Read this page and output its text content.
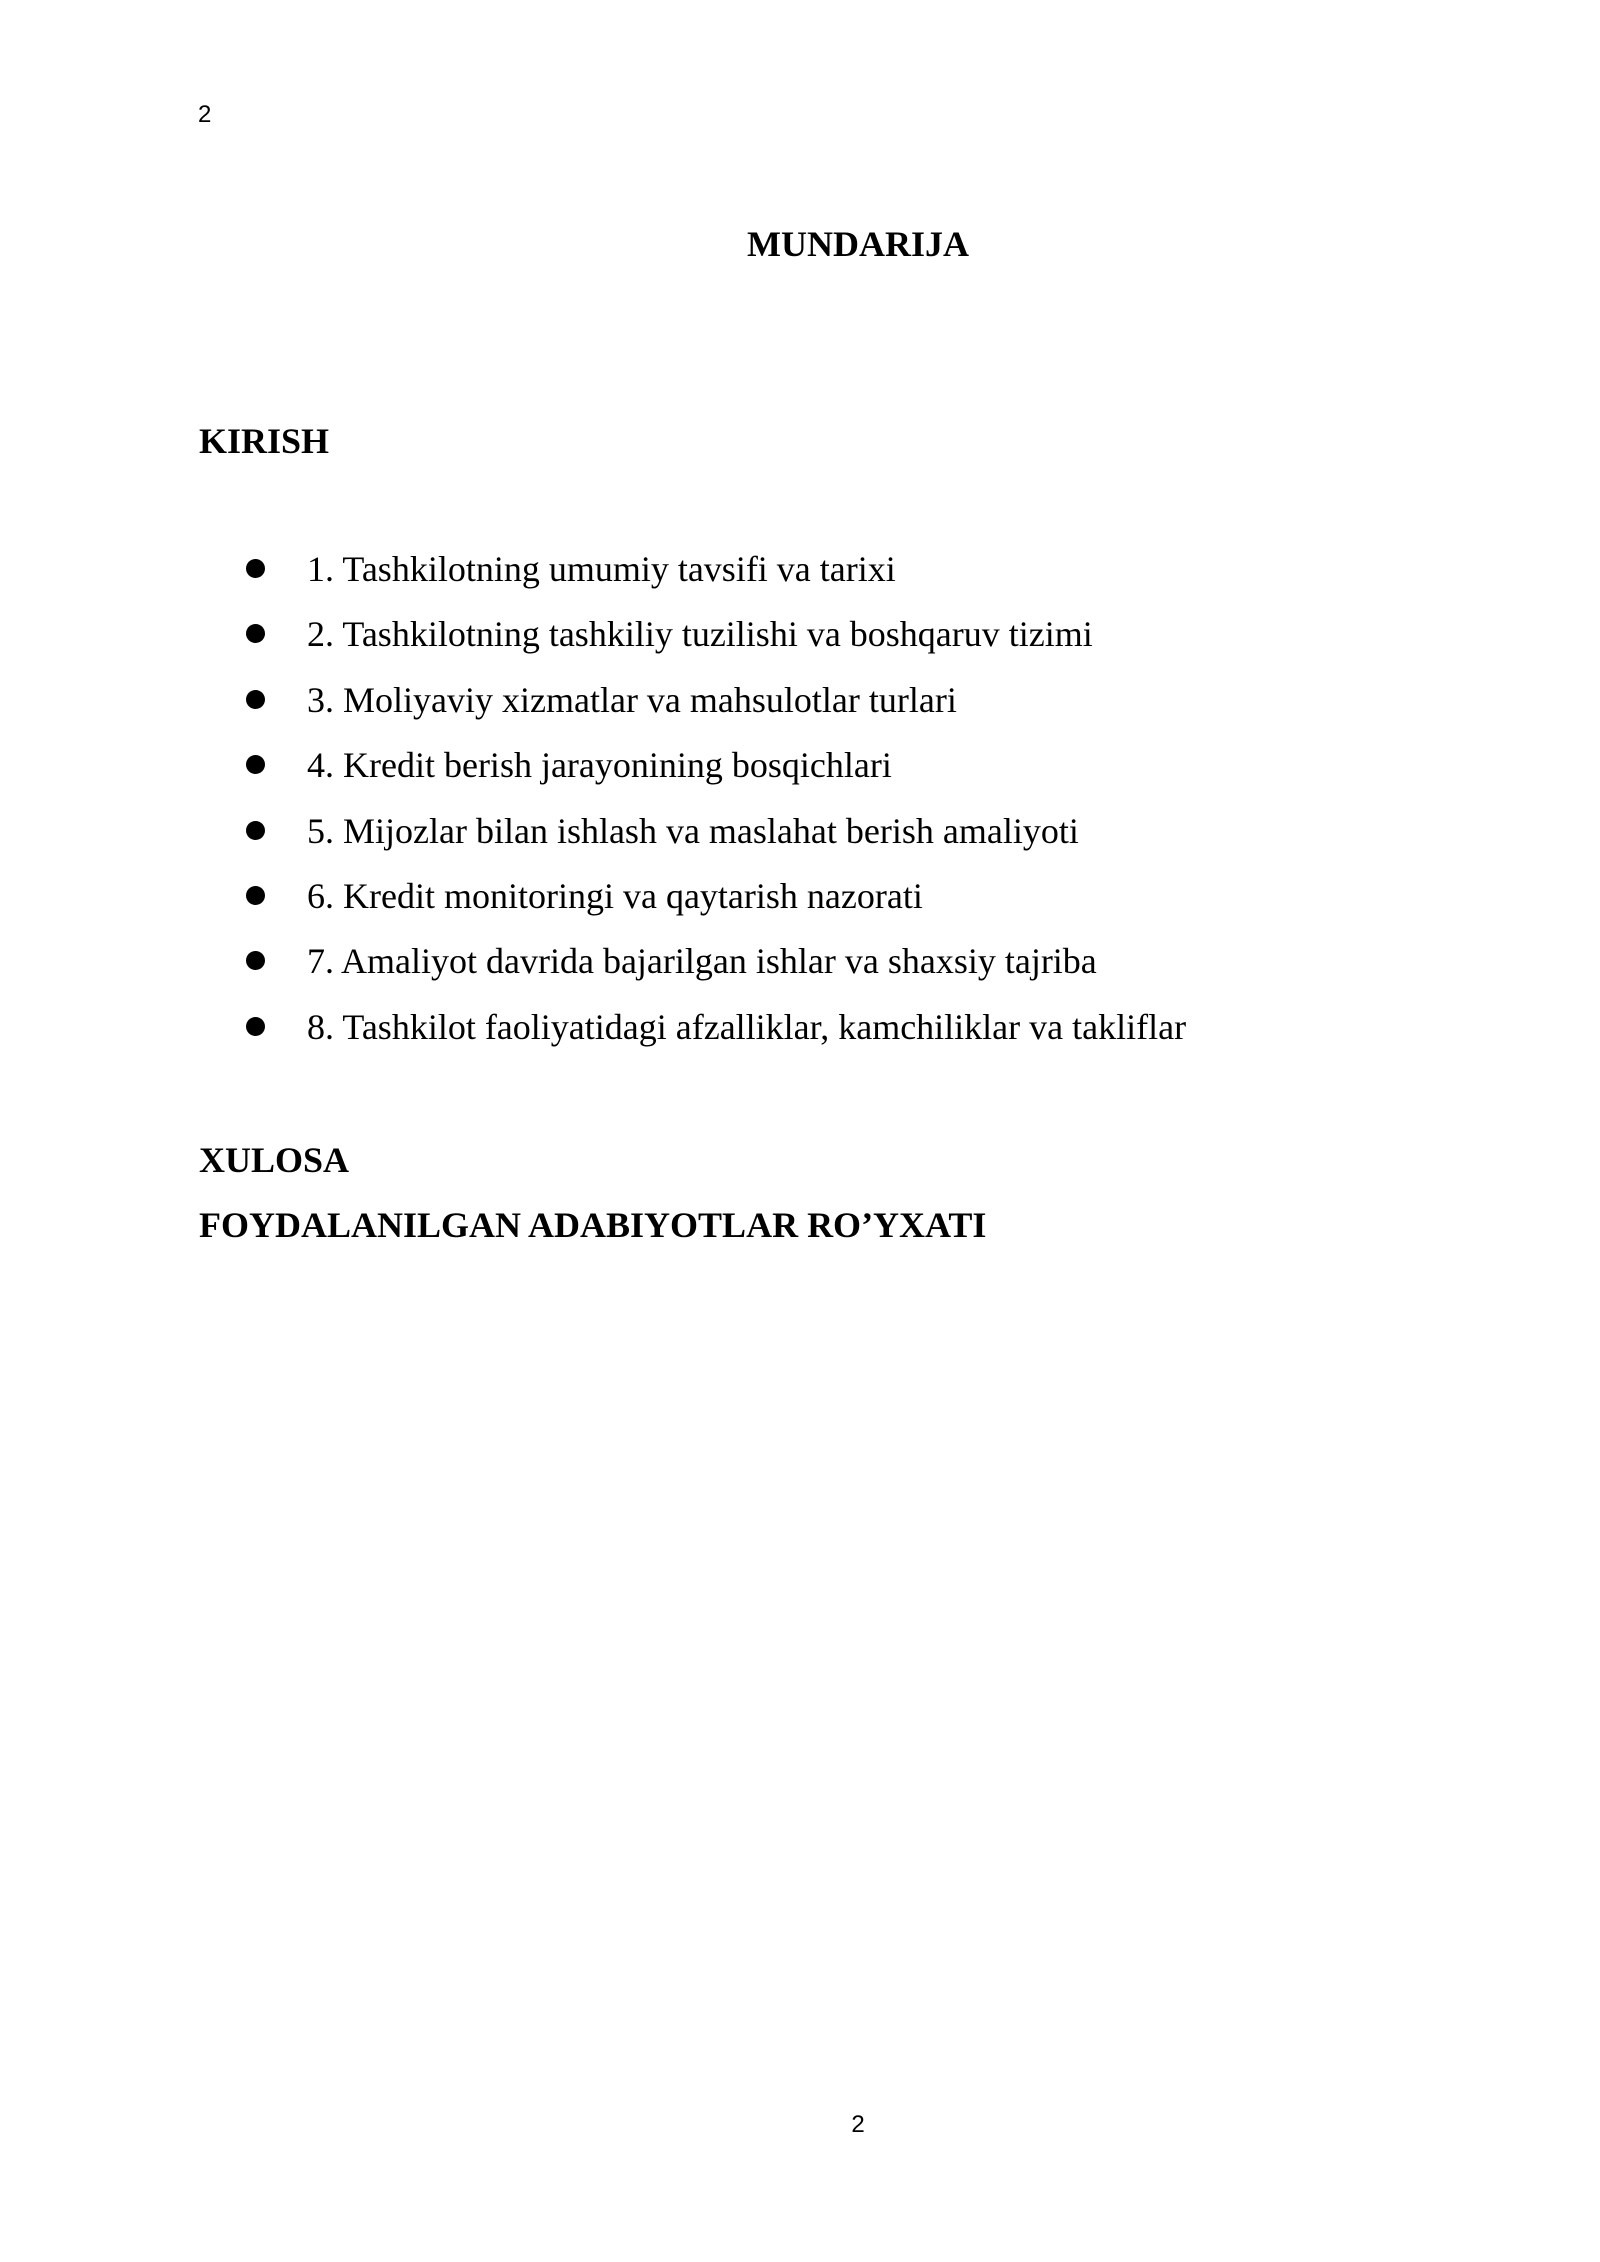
2
MUNDARIJA
KIRISH
1. Tashkilotning umumiy tavsifi va tarixi
2. Tashkilotning tashkiliy tuzilishi va boshqaruv tizimi
3. Moliyaviy xizmatlar va mahsulotlar turlari
4. Kredit berish jarayonining bosqichlari
5. Mijozlar bilan ishlash va maslahat berish amaliyoti
6. Kredit monitoringi va qaytarish nazorati
7. Amaliyot davrida bajarilgan ishlar va shaxsiy tajriba
8. Tashkilot faoliyatidagi afzalliklar, kamchiliklar va takliflar
XULOSA
FOYDALANILGAN ADABIYOTLAR RO’YXATI
2
